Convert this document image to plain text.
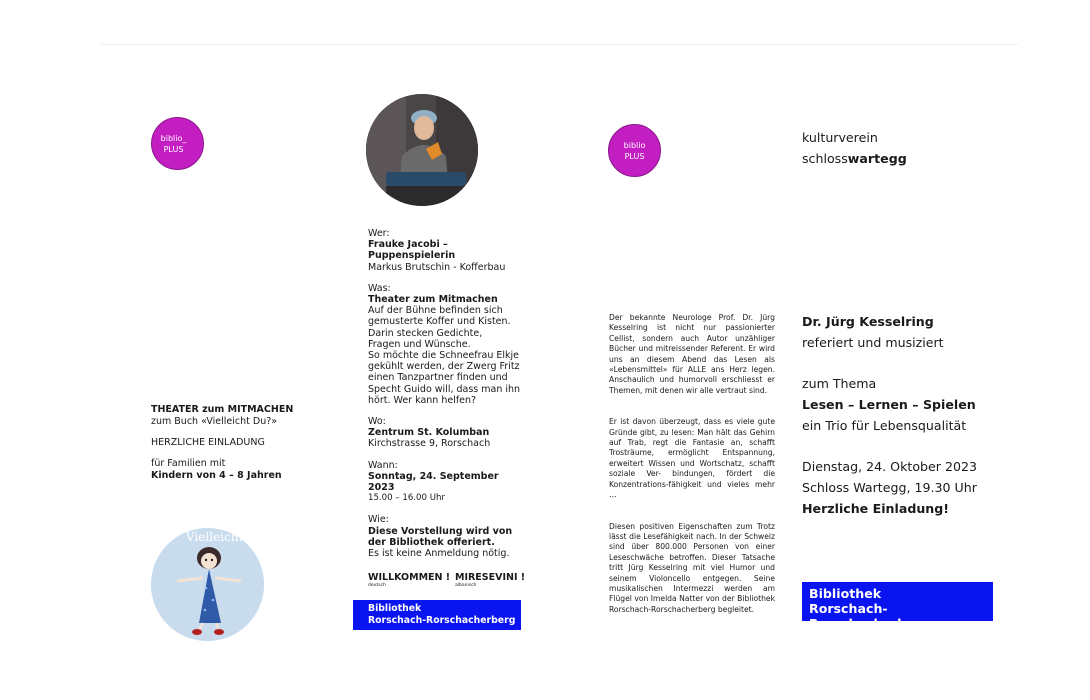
biblio_
PLUS
THEATER zum MITMACHEN
zum Buch «Vielleicht Du?»
HERZLICHE EINLADUNG
für Familien mit
Kindern von 4 – 8 Jahren
Vielleicht
Wer:
Frauke Jacobi – Puppenspielerin
Markus Brutschin - Kofferbau
Was:
Theater zum Mitmachen
Auf der Bühne befinden sich
gemusterte Koffer und Kisten.
Darin stecken Gedichte,
Fragen und Wünsche.
So möchte die Schneefrau Elkje
gekühlt werden, der Zwerg Fritz
einen Tanzpartner finden und
Specht Guido will, dass man ihn
hört. Wer kann helfen?
Wo:
Zentrum St. Kolumban
Kirchstrasse 9, Rorschach
Wann:
Sonntag, 24. September 2023
15.00 – 16.00 Uhr
Wie:
Diese Vorstellung wird von
der Bibliothek offeriert.
Es ist keine Anmeldung nötig.
WILLKOMMEN !
deutsch
MIRESEVINI !
albanisch
Bibliothek
Rorschach-Rorschacherberg
biblio
PLUS

Der bekannte Neurologe Prof. Dr. Jürg Kesselring ist nicht nur passionierter Cellist, sondern auch Autor unzähliger Bücher und mitreissender Referent. Er wird uns an diesem Abend das Lesen als «Lebensmittel» für ALLE ans Herz legen. Anschaulich und humorvoll erschliesst er Themen, mit denen wir alle vertraut sind.

Er ist davon überzeugt, dass es viele gute Gründe gibt, zu lesen: Man hält das Gehirn auf Trab, regt die Fantasie an, schafft Trosträume, ermöglicht Entspannung, erweitert Wissen und Wortschatz, schafft soziale Ver- bindungen, fördert die Konzentrations-fähigkeit und vieles mehr …

Diesen positiven Eigenschaften zum Trotz lässt die Lesefähigkeit nach. In der Schweiz sind über 800.000 Personen von einer Leseschwäche betroffen. Dieser Tatsache tritt Jürg Kesselring mit viel Humor und seinem Violoncello entgegen. Seine musikalischen Intermezzi werden am Flügel von Imelda Natter von der Bibliothek Rorschach-Rorschacherberg begleitet.

kulturverein
schlosswartegg
Dr. Jürg Kesselring
referiert und musiziert
zum Thema
Lesen – Lernen – Spielen
ein Trio für Lebensqualität
Dienstag, 24. Oktober 2023
Schloss Wartegg, 19.30 Uhr
Herzliche Einladung!
Bibliothek
Rorschach-Rorschacherberg
